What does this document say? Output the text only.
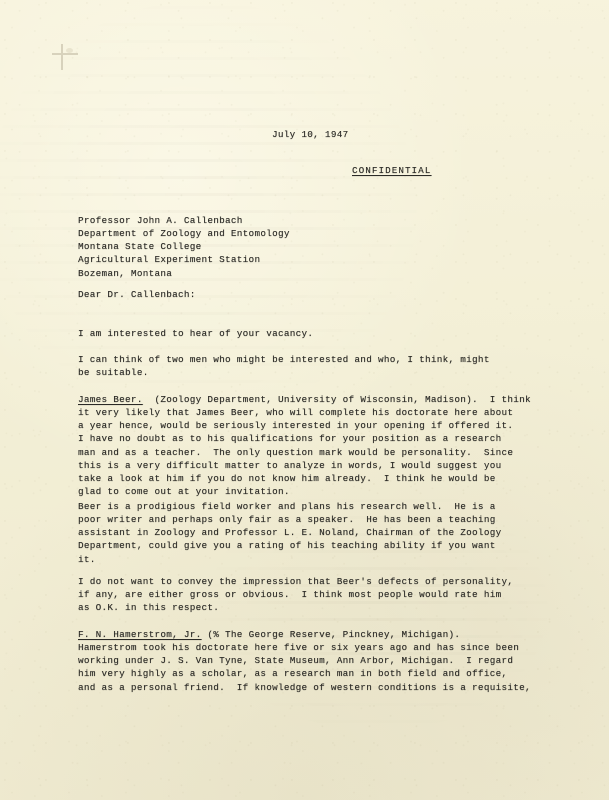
July 10, 1947

CONFIDENTIAL

Professor John A. Callenbach
Department of Zoology and Entomology
Montana State College
Agricultural Experiment Station
Bozeman, Montana

Dear Dr. Callenbach:

I am interested to hear of your vacancy.

I can think of two men who might be interested and who, I think, might
be suitable.

James Beer.  (Zoology Department, University of Wisconsin, Madison).  I think
it very likely that James Beer, who will complete his doctorate here about
a year hence, would be seriously interested in your opening if offered it.
I have no doubt as to his qualifications for your position as a research
man and as a teacher.  The only question mark would be personality.  Since
this is a very difficult matter to analyze in words, I would suggest you
take a look at him if you do not know him already.  I think he would be
glad to come out at your invitation.

Beer is a prodigious field worker and plans his research well.  He is a
poor writer and perhaps only fair as a speaker.  He has been a teaching
assistant in Zoology and Professor L. E. Noland, Chairman of the Zoology
Department, could give you a rating of his teaching ability if you want
it.

I do not want to convey the impression that Beer's defects of personality,
if any, are either gross or obvious.  I think most people would rate him
as O.K. in this respect.

F. N. Hamerstrom, Jr. (% The George Reserve, Pinckney, Michigan).
Hamerstrom took his doctorate here five or six years ago and has since been
working under J. S. Van Tyne, State Museum, Ann Arbor, Michigan.  I regard
him very highly as a scholar, as a research man in both field and office,
and as a personal friend.  If knowledge of western conditions is a requisite,
